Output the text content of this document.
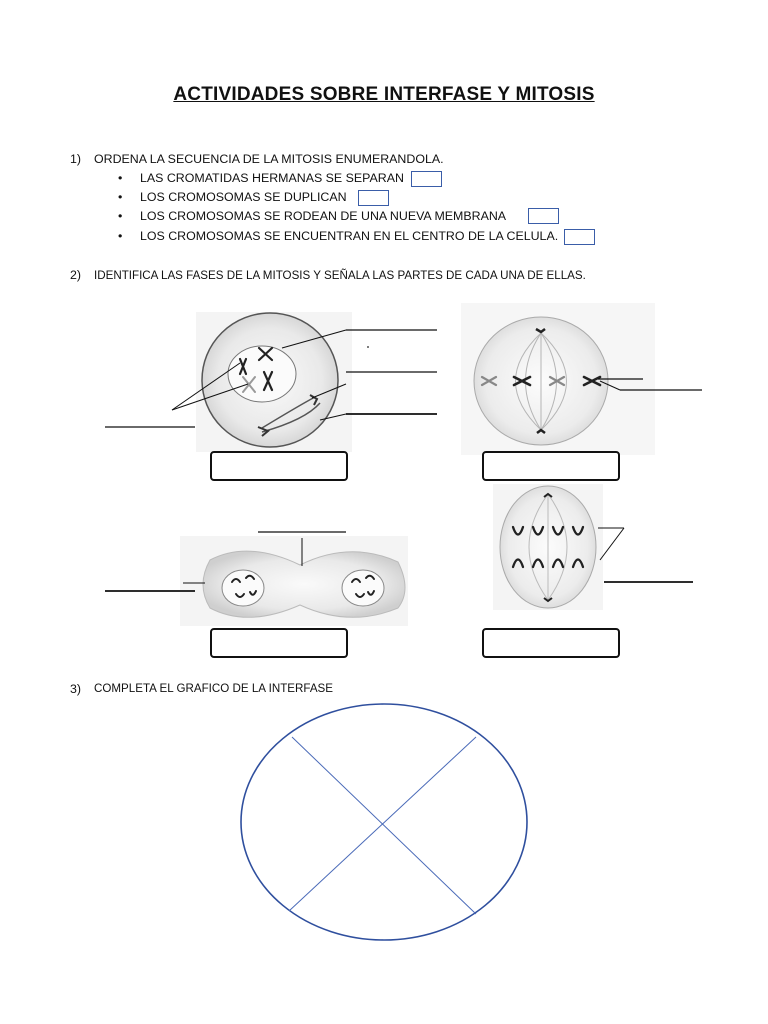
ACTIVIDADES SOBRE INTERFASE Y MITOSIS
1) ORDENA LA SECUENCIA DE LA MITOSIS ENUMERANDOLA.
• LAS CROMATIDAS HERMANAS SE SEPARAN
• LOS CROMOSOMAS SE DUPLICAN
• LOS CROMOSOMAS SE RODEAN DE UNA NUEVA MEMBRANA
• LOS CROMOSOMAS SE ENCUENTRAN EN EL CENTRO DE LA CELULA.
2) IDENTIFICA LAS FASES DE LA MITOSIS Y SEÑALA LAS PARTES DE CADA UNA DE ELLAS.
3) COMPLETA EL GRAFICO DE LA INTERFASE
